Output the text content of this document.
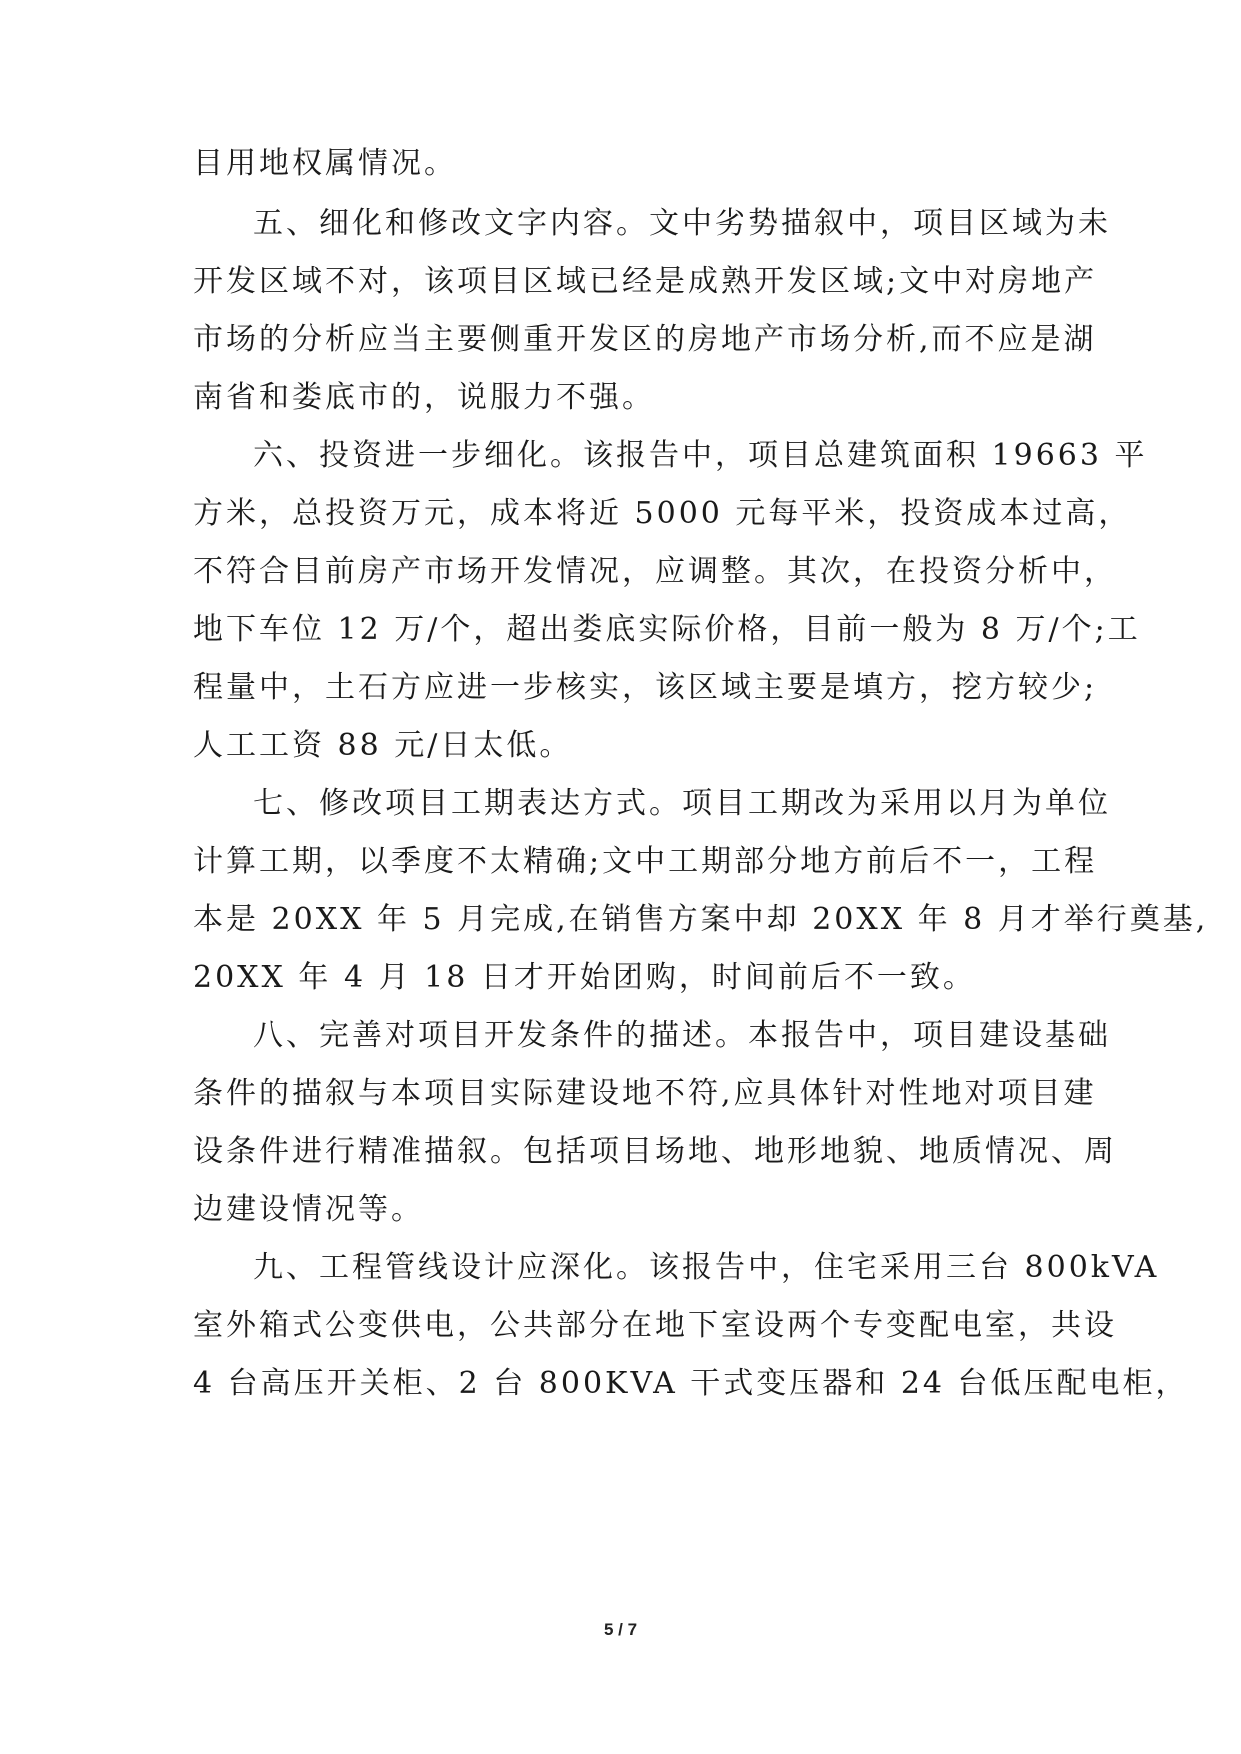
目用地权属情况。
五、细化和修改文字内容。文中劣势描叙中，项目区域为未
开发区域不对，该项目区域已经是成熟开发区域;文中对房地产
市场的分析应当主要侧重开发区的房地产市场分析,而不应是湖
南省和娄底市的，说服力不强。
六、投资进一步细化。该报告中，项目总建筑面积 19663 平
方米，总投资万元，成本将近 5000 元每平米，投资成本过高，
不符合目前房产市场开发情况，应调整。其次，在投资分析中，
地下车位 12 万/个，超出娄底实际价格，目前一般为 8 万/个;工
程量中，土石方应进一步核实，该区域主要是填方，挖方较少;
人工工资 88 元/日太低。
七、修改项目工期表达方式。项目工期改为采用以月为单位
计算工期，以季度不太精确;文中工期部分地方前后不一，工程
本是 20XX 年 5 月完成,在销售方案中却 20XX 年 8 月才举行奠基,
20XX 年 4 月 18 日才开始团购，时间前后不一致。
八、完善对项目开发条件的描述。本报告中，项目建设基础
条件的描叙与本项目实际建设地不符,应具体针对性地对项目建
设条件进行精准描叙。包括项目场地、地形地貌、地质情况、周
边建设情况等。
九、工程管线设计应深化。该报告中，住宅采用三台 800kVA
室外箱式公变供电，公共部分在地下室设两个专变配电室，共设
4 台高压开关柜、2 台 800KVA 干式变压器和 24 台低压配电柜，
5 / 7
